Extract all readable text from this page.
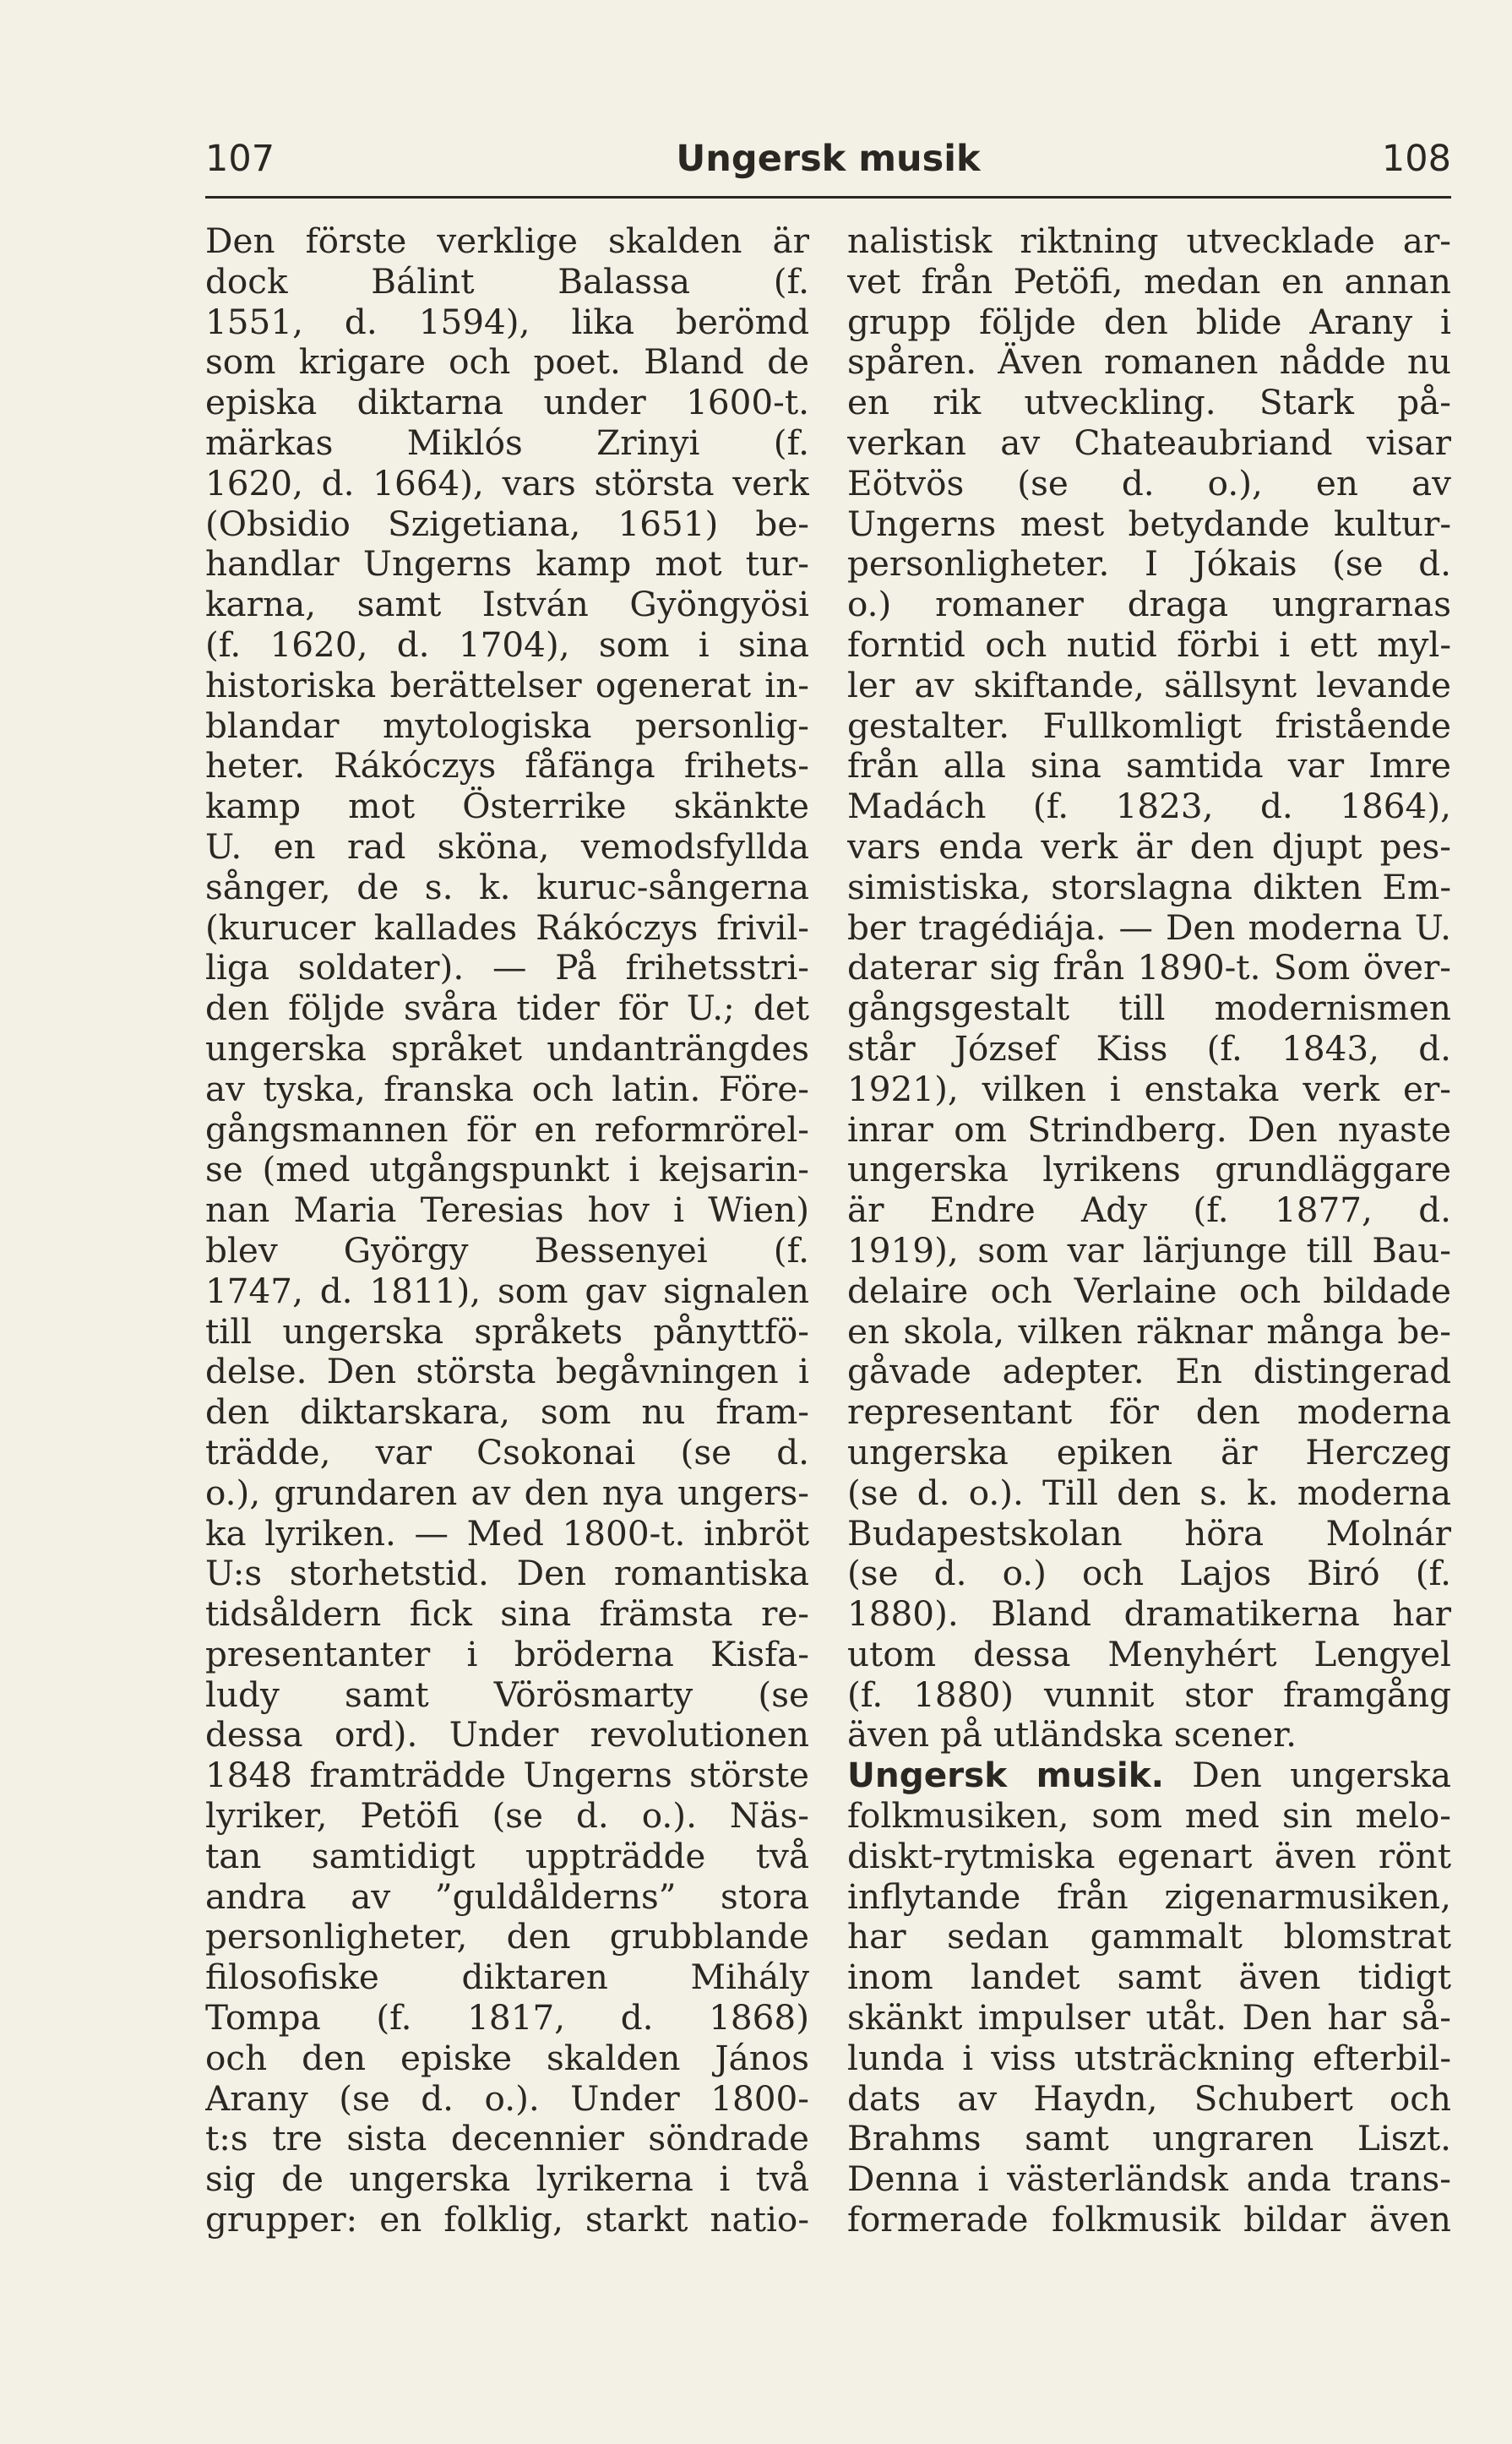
107	Ungersk musik	108
Den förste verklige skalden är
dock Bálint Balassa (f.
1551, d. 1594), lika berömd
som krigare och poet. Bland de
episka diktarna under 1600-t.
märkas Miklós Zrinyi (f.
1620, d. 1664), vars största verk
(Obsidio Szigetiana, 1651) be-
handlar Ungerns kamp mot tur-
karna, samt István Gyöngyösi
(f. 1620, d. 1704), som i sina
historiska berättelser ogenerat in-
blandar mytologiska personlig-
heter. Rákóczys fåfänga frihets-
kamp mot Österrike skänkte
U. en rad sköna, vemodsfyllda
sånger, de s. k. kuruc-sångerna
(kurucer kallades Rákóczys frivil-
liga soldater). — På frihetsstri-
den följde svåra tider för U.; det
ungerska språket undanträngdes
av tyska, franska och latin. Före-
gångsmannen för en reformrörel-
se (med utgångspunkt i kejsarin-
nan Maria Teresias hov i Wien)
blev György Bessenyei (f.
1747, d. 1811), som gav signalen
till ungerska språkets pånyttfö-
delse. Den största begåvningen i
den diktarskara, som nu fram-
trädde, var Csokonai (se d.
o.), grundaren av den nya ungers-
ka lyriken. — Med 1800-t. inbröt
U:s storhetstid. Den romantiska
tidsåldern fick sina främsta re-
presentanter i bröderna Kisfa-
ludy samt Vörösmarty (se
dessa ord). Under revolutionen
1848 framträdde Ungerns störste
lyriker, Petöfi (se d. o.). Näs-
tan samtidigt uppträdde två
andra av ”guldålderns” stora
personligheter, den grubblande
filosofiske diktaren Mihály
Tompa (f. 1817, d. 1868)
och den episke skalden János
Arany (se d. o.). Under 1800-
t:s tre sista decennier söndrade
sig de ungerska lyrikerna i två
grupper: en folklig, starkt natio-
nalistisk riktning utvecklade ar-
vet från Petöfi, medan en annan
grupp följde den blide Arany i
spåren. Även romanen nådde nu
en rik utveckling. Stark på-
verkan av Chateaubriand visar
Eötvös (se d. o.), en av
Ungerns mest betydande kultur-
personligheter. I Jókais (se d.
o.) romaner draga ungrarnas
forntid och nutid förbi i ett myl-
ler av skiftande, sällsynt levande
gestalter. Fullkomligt fristående
från alla sina samtida var Imre
Madách (f. 1823, d. 1864),
vars enda verk är den djupt pes-
simistiska, storslagna dikten Em-
ber tragédiája. — Den moderna U.
daterar sig från 1890-t. Som över-
gångsgestalt till modernismen
står József Kiss (f. 1843, d.
1921), vilken i enstaka verk er-
inrar om Strindberg. Den nyaste
ungerska lyrikens grundläggare
är Endre Ady (f. 1877, d.
1919), som var lärjunge till Bau-
delaire och Verlaine och bildade
en skola, vilken räknar många be-
gåvade adepter. En distingerad
representant för den moderna
ungerska epiken är Herczeg
(se d. o.). Till den s. k. moderna
Budapestskolan höra Molnár
(se d. o.) och Lajos Biró (f.
1880). Bland dramatikerna har
utom dessa Menyhért Lengyel
(f. 1880) vunnit stor framgång
även på utländska scener.
Ungersk musik. Den ungerska
folkmusiken, som med sin melo-
diskt-rytmiska egenart även rönt
inflytande från zigenarmusiken,
har sedan gammalt blomstrat
inom landet samt även tidigt
skänkt impulser utåt. Den har så-
lunda i viss utsträckning efterbil-
dats av Haydn, Schubert och
Brahms samt ungraren Liszt.
Denna i västerländsk anda trans-
formerade folkmusik bildar även
